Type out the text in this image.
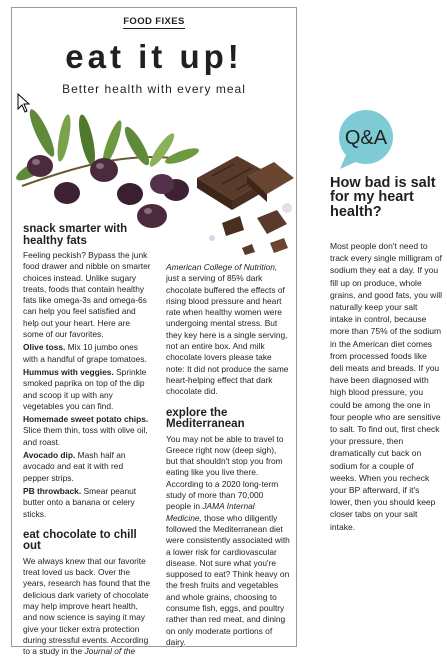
FOOD FIXES
eat it up!
Better health with every meal
snack smarter with healthy fats

Feeling peckish? Bypass the junk food drawer and nibble on smarter choices instead. Unlike sugary treats, foods that contain healthy fats like omega-3s and omega-6s can help you feel satisfied and help out your heart. Here are some of our favorites.

Olive toss. Mix 10 jumbo ones with a handful of grape tomatoes.

Hummus with veggies. Sprinkle smoked paprika on top of the dip and scoop it up with any vegetables you can find.

Homemade sweet potato chips. Slice them thin, toss with olive oil, and roast.

Avocado dip. Mash half an avocado and eat it with red pepper strips.

PB throwback. Smear peanut butter onto a banana or celery sticks.

eat chocolate to chill out

We always knew that our favorite treat loved us back. Over the years, research has found that the delicious dark variety of chocolate may help improve heart health, and now science is saying it may give your ticker extra protection during stressful events. According to a study in the Journal of the

American College of Nutrition, just a serving of 85% dark chocolate buffered the effects of rising blood pressure and heart rate when healthy women were undergoing mental stress. But they key here is a single serving, not an entire box. And milk chocolate lovers please take note: It did not produce the same heart-helping effect that dark chocolate did.

explore the Mediterranean

You may not be able to travel to Greece right now (deep sigh), but that shouldn't stop you from eating like you live there. According to a 2020 long-term study of more than 70,000 people in JAMA Internal Medicine, those who diligently followed the Mediterranean diet were consistently associated with a lower risk for cardiovascular disease. Not sure what you're supposed to eat? Think heavy on the fresh fruits and vegetables and whole grains, choosing to consume fish, eggs, and poultry rather than red meat, and dining on only moderate portions of dairy.

Q&A
How bad is salt for my heart health?

Most people don't need to track every single milligram of sodium they eat a day. If you fill up on produce, whole grains, and good fats, you will naturally keep your salt intake in control, because more than 75% of the sodium in the American diet comes from processed foods like deli meats and breads. If you have been diagnosed with high blood pressure, you could be among the one in four people who are sensitive to salt. To find out, first check your pressure, then dramatically cut back on sodium for a couple of weeks. When you recheck your BP afterward, if it's lower, then you should keep closer tabs on your salt intake.
